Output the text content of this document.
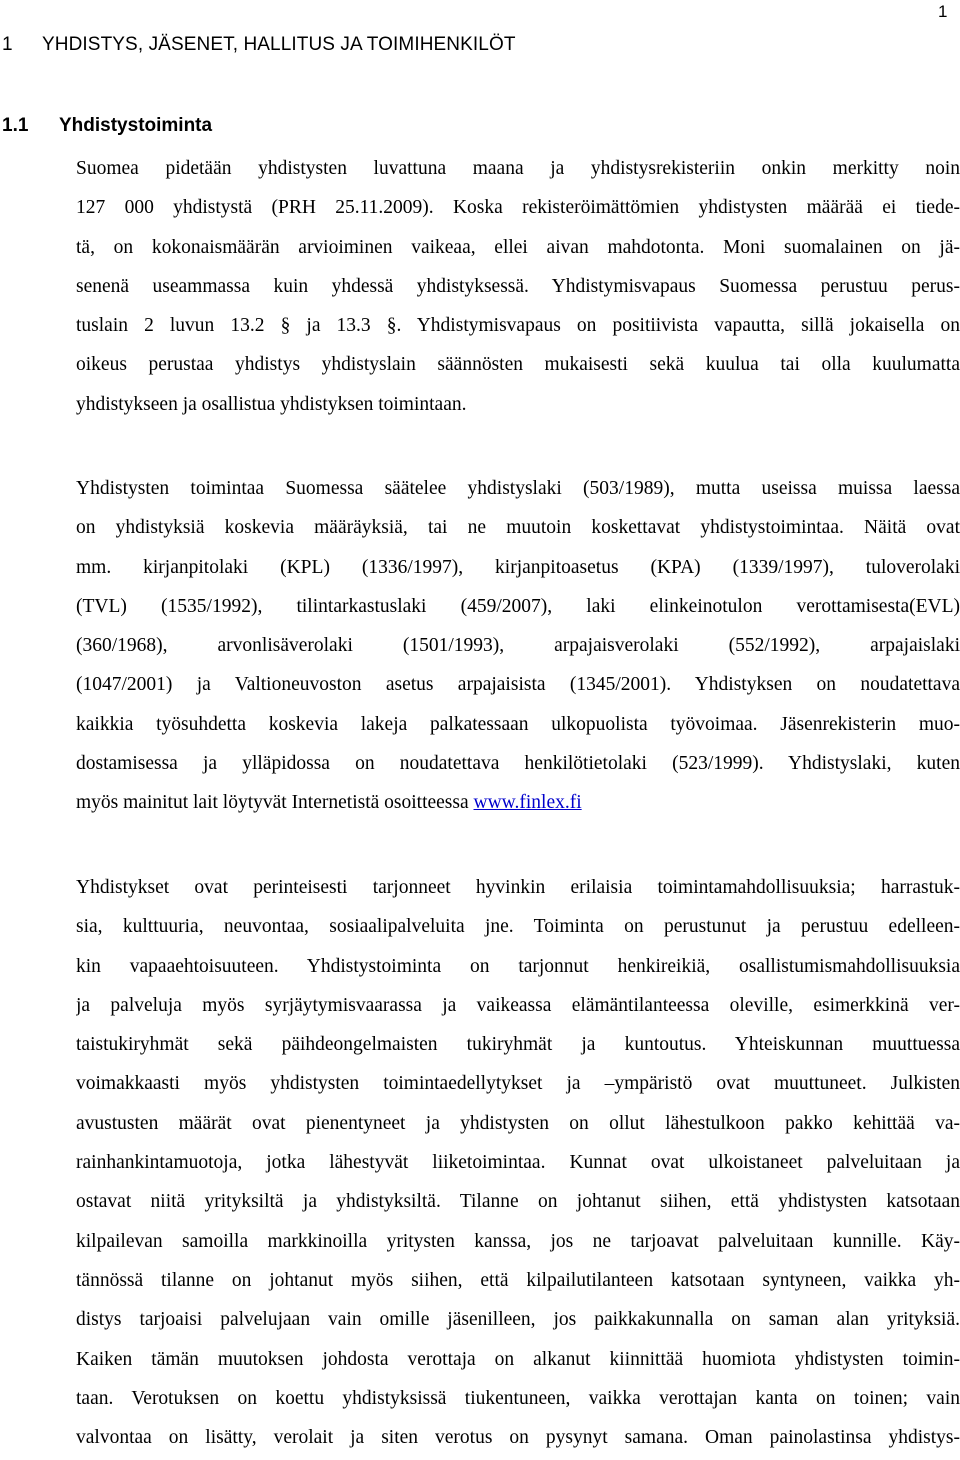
1
1 YHDISTYS, JÄSENET, HALLITUS JA TOIMIHENKILÖT
1.1 Yhdistystoiminta
Suomea pidetään yhdistysten luvattuna maana ja yhdistysrekisteriin onkin merkitty noin
127 000 yhdistystä (PRH 25.11.2009). Koska rekisteröimättömien yhdistysten määrää ei tiede-
tä, on kokonaismäärän arvioiminen vaikeaa, ellei aivan mahdotonta. Moni suomalainen on jä-
senenä useammassa kuin yhdessä yhdistyksessä. Yhdistymisvapaus Suomessa perustuu perus-
tuslain 2 luvun 13.2 § ja 13.3 §. Yhdistymisvapaus on positiivista vapautta, sillä jokaisella on
oikeus perustaa yhdistys yhdistyslain säännösten mukaisesti sekä kuulua tai olla kuulumatta
yhdistykseen ja osallistua yhdistyksen toimintaan.
Yhdistysten toimintaa Suomessa säätelee yhdistyslaki (503/1989), mutta useissa muissa laessa
on yhdistyksiä koskevia määräyksiä, tai ne muutoin koskettavat yhdistystoimintaa. Näitä ovat
mm. kirjanpitolaki (KPL) (1336/1997), kirjanpitoasetus (KPA) (1339/1997), tuloverolaki
(TVL) (1535/1992), tilintarkastuslaki (459/2007), laki elinkeinotulon verottamisesta(EVL)
(360/1968), arvonlisäverolaki (1501/1993), arpajaisverolaki (552/1992), arpajaislaki
(1047/2001) ja Valtioneuvoston asetus arpajaisista (1345/2001). Yhdistyksen on noudatettava
kaikkia työsuhdetta koskevia lakeja palkatessaan ulkopuolista työvoimaa. Jäsenrekisterin muo-
dostamisessa ja ylläpidossa on noudatettava henkilötietolaki (523/1999). Yhdistyslaki, kuten
myös mainitut lait löytyvät Internetistä osoitteessa www.finlex.fi
Yhdistykset ovat perinteisesti tarjonneet hyvinkin erilaisia toimintamahdollisuuksia; harrastuk-
sia, kulttuuria, neuvontaa, sosiaalipalveluita jne. Toiminta on perustunut ja perustuu edelleen-
kin vapaaehtoisuuteen. Yhdistystoiminta on tarjonnut henkireikiä, osallistumismahdollisuuksia
ja palveluja myös syrjäytymisvaarassa ja vaikeassa elämäntilanteessa oleville, esimerkkinä ver-
taistukiryhmät sekä päihdeongelmaisten tukiryhmät ja kuntoutus. Yhteiskunnan muuttuessa
voimakkaasti myös yhdistysten toimintaedellytykset ja –ympäristö ovat muuttuneet. Julkisten
avustusten määrät ovat pienentyneet ja yhdistysten on ollut lähestulkoon pakko kehittää va-
rainhankintamuotoja, jotka lähestyvät liiketoimintaa. Kunnat ovat ulkoistaneet palveluitaan ja
ostavat niitä yrityksiltä ja yhdistyksiltä. Tilanne on johtanut siihen, että yhdistysten katsotaan
kilpailevan samoilla markkinoilla yritysten kanssa, jos ne tarjoavat palveluitaan kunnille. Käy-
tännössä tilanne on johtanut myös siihen, että kilpailutilanteen katsotaan syntyneen, vaikka yh-
distys tarjoaisi palvelujaan vain omille jäsenilleen, jos paikkakunnalla on saman alan yrityksiä.
Kaiken tämän muutoksen johdosta verottaja on alkanut kiinnittää huomiota yhdistysten toimin-
taan. Verotuksen on koettu yhdistyksissä tiukentuneen, vaikka verottajan kanta on toinen; vain
valvontaa on lisätty, verolait ja siten verotus on pysynyt samana. Oman painolastinsa yhdistys-
